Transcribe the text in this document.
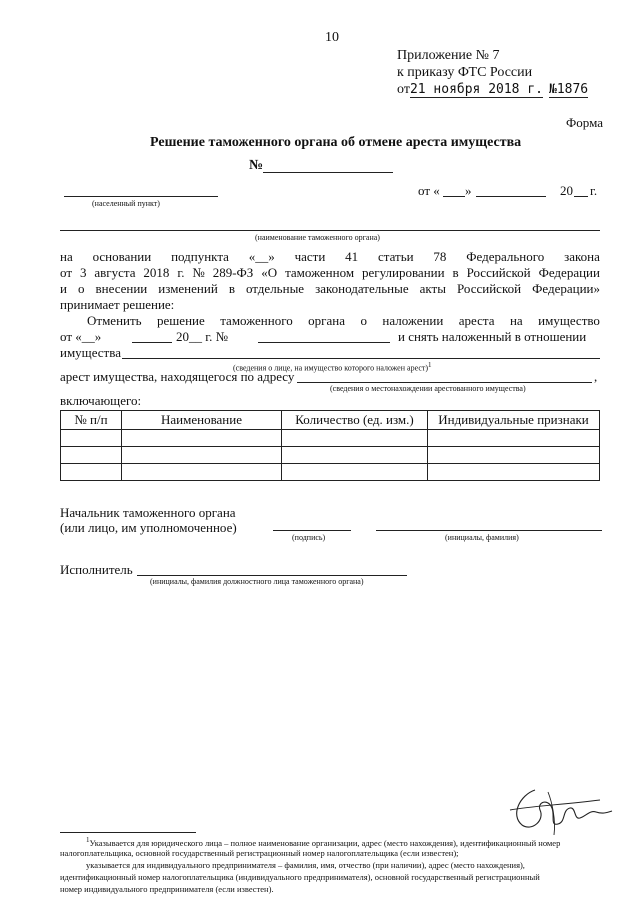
10
Приложение № 7
к приказу ФТС России
от21 ноября 2018 г. №1876
Форма
Решение таможенного органа об отмене ареста имущества
№
(населенный пункт)
от « »	20 г.
(наименование таможенного органа)
на основании подпункта «__» части 41 статьи 78 Федерального закона
от 3 августа 2018 г. № 289-ФЗ «О таможенном регулировании в Российской Федерации
и о внесении изменений в отдельные законодательные акты Российской Федерации»
принимает решение:
Отменить решение таможенного органа о наложении ареста на имущество
от «__»	20__ г. №	и снять наложенный в отношении
имущества
(сведения о лице, на имущество которого наложен арест)$^1$
арест имущества, находящегося по адресу	,
(сведения о местонахождении арестованного имущества)
включающего:
№ п/п	Наименование	Количество (ед. изм.)	Индивидуальные признаки

Начальник таможенного органа
(или лицо, им уполномоченное)
(подпись)	(инициалы, фамилия)
Исполнитель
(инициалы, фамилия должностного лица таможенного органа)
$^1$Указывается для юридического лица – полное наименование организации, адрес (место нахождения), идентификационный номер
налогоплательщика, основной государственный регистрационный номер налогоплательщика (если известен);
указывается для индивидуального предпринимателя – фамилия, имя, отчество (при наличии), адрес (место нахождения),
идентификационный номер налогоплательщика (индивидуального предпринимателя), основной государственный регистрационный
номер индивидуального предпринимателя (если известен).
